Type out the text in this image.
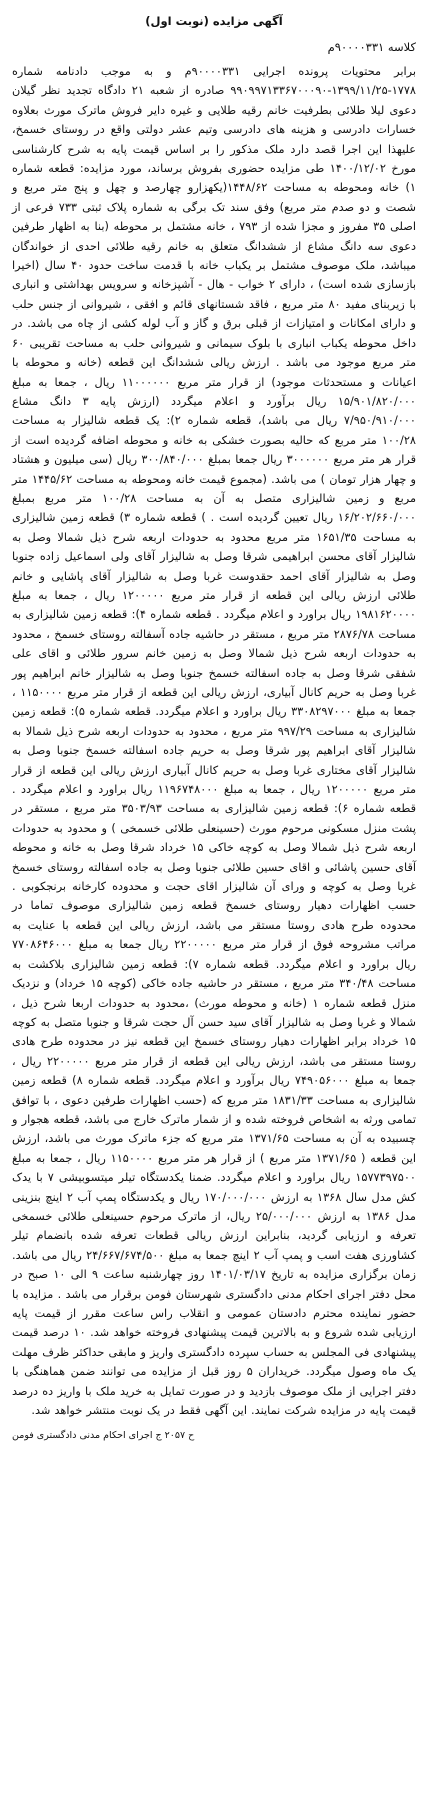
آگهی مزایده (نوبت اول)
کلاسه ۹۰۰۰۰۳۳۱م
برابر محتویات پرونده اجرایی ۹۰۰۰۰۳۳۱م و به موجب دادنامه شماره ۱۷۷۸-۱۳۹۹/۱۱/۲۵-۹۹۰۹۹۷۱۳۳۶۷۰۰۰۹۰ صادره از شعبه ۲۱ دادگاه تجدید نظر گیلان دعوی لیلا طلائی بطرفیت خانم رقیه طلایی و غیره دایر فروش ماترک مورث بعلاوه خسارات دادرسی و هزینه های دادرسی وتیم عشر دولتی واقع در روستای خسمخ، علیهذا این اجرا قصد دارد ملک مذکور را بر اساس قیمت پایه به شرح کارشناسی مورخ ۱۴۰۰/۱۲/۰۲ طی مزایده حضوری بفروش برساند، مورد مزایده: قطعه شماره ۱) خانه ومحوطه به مساحت ۱۴۴۸/۶۲(یکهزارو چهارصد و چهل و پنج متر مربع و شصت و دو صدم متر مربع) وفق سند تک برگی به شماره پلاک ثبتی ۷۳۳ فرعی از اصلی ۳۵ مفروز و مجزا شده از ۷۹۳ ، خانه مشتمل بر محوطه (بنا به اظهار طرفین دعوی سه دانگ مشاع از ششدانگ متعلق به خانم رقیه طلائی احدی از خواندگان میباشد، ملک موصوف مشتمل بر یکباب خانه با قدمت ساخت حدود ۴۰ سال (اخیرا بازسازی شده است) ، دارای ۲ خواب - هال - آشپزخانه و سرویس بهداشتی و انباری با زیربنای مفید ۸۰ متر مربع ، فاقد شستانهای قائم و افقی ، شیروانی از جنس حلب و دارای امکانات و امتیازات از قبلی برق و گاز و آب لوله کشی از چاه می باشد. در داخل محوطه یکباب انباری با بلوک سیمانی و شیروانی حلب به مساحت تقریبی ۶۰ متر مربع موجود می باشد . ارزش ریالی ششدانگ این قطعه (خانه و محوطه با اعیانات و مستحدثات موجود) از قرار متر مربع ۱۱۰۰۰۰۰۰ ریال ، جمعا به مبلغ ۱۵/۹۰۱/۸۲۰/۰۰۰ ریال برآورد و اعلام میگردد (ارزش پایه ۳ دانگ مشاع ۷/۹۵۰/۹۱۰/۰۰۰ ریال می باشد)، قطعه شماره ۲): یک قطعه شالیزار به مساحت ۱۰۰/۲۸ متر مربع که حالیه بصورت خشکی به خانه و محوطه اضافه گردیده است از قرار هر متر مربع ۳۰۰۰۰۰۰ ریال جمعا بمبلغ ۳۰۰/۸۴۰/۰۰۰ ریال (سی میلیون و هشتاد و چهار هزار تومان ) می باشد. (مجموع قیمت خانه ومحوطه به مساحت ۱۴۴۵/۶۲ متر مربع و زمین شالیزاری متصل به آن به مساحت ۱۰۰/۲۸ متر مربع بمبلغ ۱۶/۲۰۲/۶۶۰/۰۰۰ ریال تعیین گردیده است . ) قطعه شماره ۳) قطعه زمین شالیزاری به مساحت ۱۶۵۱/۳۵ متر مربع محدود به حدودات اربعه شرح ذیل شمالا وصل به شالیزار آقای محسن ابراهیمی شرقا وصل به شالیزار آقای ولی اسماعیل زاده جنوبا وصل به شالیزار آقای احمد حقدوست غربا وصل به شالیزار آقای پاشایی و خانم طلائی ارزش ریالی این قطعه از قرار متر مربع ۱۲۰۰۰۰۰ ریال ، جمعا به مبلغ ۱۹۸۱۶۲۰۰۰۰ ریال براورد و اعلام میگردد . قطعه شماره ۴): قطعه زمین شالیزاری به مساحت ۲۸۷۶/۷۸ متر مربع ، مستقر در حاشیه جاده آسفالته روستای خسمخ ، محدود به حدودات اربعه شرح ذیل شمالا وصل به زمین خانم سرور طلائی و اقای علی شفقی شرقا وصل به جاده اسفالته خسمخ جنوبا وصل به شالیزار خانم ابراهیم پور غربا وصل به حریم کانال آبیاری، ارزش ریالی این قطعه از قرار متر مربع ۱۱۵۰۰۰۰ ، جمعا به مبلغ ۳۳۰۸۲۹۷۰۰۰ ریال براورد و اعلام میگردد. قطعه شماره ۵): قطعه زمین شالیزاری به مساحت ۹۹۷/۲۹ متر مربع ، محدود به حدودات اربعه شرح ذیل شمالا به شالیزار آقای ابراهیم پور شرقا وصل به حریم جاده اسفالته خسمخ جنوبا وصل به شالیزار آقای مختاری غربا وصل به حریم کانال آبیاری ارزش ریالی این قطعه از قرار متر مربع ۱۲۰۰۰۰۰ ریال ، جمعا به مبلغ ۱۱۹۶۷۴۸۰۰۰ ریال براورد و اعلام میگردد . قطعه شماره ۶): قطعه زمین شالیزاری به مساحت ۳۵۰۳/۹۳ متر مربع ، مستقر در پشت منزل مسکونی مرحوم مورث (حسینعلی طلائی خسمخی ) و محدود به حدودات اربعه شرح ذیل شمالا وصل به کوچه خاکی ۱۵ خرداد شرقا وصل به خانه و محوطه آقای حسین پاشائی و اقای حسین طلائی جنوبا وصل به جاده اسفالته روستای خسمخ غربا وصل به کوچه و ورای آن شالیزار اقای حجت و محدوده کارخانه برنجکوبی . حسب اظهارات دهیار روستای خسمخ قطعه زمین شالیزاری موصوف تماما در محدوده طرح هادی روستا مستقر می باشد، ارزش ریالی این قطعه با عنایت به مراتب مشروحه فوق از قرار متر مربع ۲۲۰۰۰۰۰ ریال جمعا به مبلغ ۷۷۰۸۶۴۶۰۰۰ ریال براورد و اعلام میگردد. قطعه شماره ۷): قطعه زمین شالیزاری بلاکشت به مساحت ۳۴۰/۴۸ متر مربع ، مستقر در حاشیه جاده خاکی (کوچه ۱۵ خرداد) و نزدیک منزل قطعه شماره ۱ (خانه و محوطه مورث) ،محدود به حدودات اربعا شرح ذیل ، شمالا و غربا وصل به شالیزار آقای سید حسن آل حجت شرقا و جنوبا متصل به کوچه ۱۵ خرداد برابر اظهارات دهیار روستای خسمخ این قطعه نیز در محدوده طرح هادی روستا مستقر می باشد، ارزش ریالی این قطعه از قرار متر مربع ۲۲۰۰۰۰۰ ریال ، جمعا به مبلغ ۷۴۹۰۵۶۰۰۰ ریال برآورد و اعلام میگردد. قطعه شماره ۸) قطعه زمین شالیزاری به مساحت ۱۸۳۱/۳۳ متر مربع که (حسب اظهارات طرفین دعوی ، با توافق تمامی ورثه به اشخاص فروخته شده و از شمار ماترک خارج می باشد، قطعه هجوار و چسبیده به آن به مساحت ۱۳۷۱/۶۵ متر مربع که جزء ماترک مورث می باشد، ارزش این قطعه ( ۱۳۷۱/۶۵ متر مربع ) از قرار هر متر مربع ۱۱۵۰۰۰۰ ریال ، جمعا به مبلغ ۱۵۷۷۳۹۷۵۰۰ ریال براورد و اعلام میگردد. ضمنا یکدستگاه تیلر میتسوبیشی ۷ با یدک کش مدل سال ۱۳۶۸ به ارزش ۱۷۰/۰۰۰/۰۰۰ ریال و یکدستگاه پمپ آب ۲ اینچ بنزینی مدل ۱۳۸۶ به ارزش ۲۵/۰۰۰/۰۰۰ ریال، از ماترک مرحوم حسینعلی طلائی خسمخی تعرفه و ارزیابی گردید، بنابراین ارزش ریالی قطعات تعرفه شده بانضمام تیلر کشاورزی هفت اسب و پمپ آب ۲ اینچ جمعا به مبلغ ۲۴/۶۶۷/۶۷۴/۵۰۰ ریال می باشد. زمان برگزاری مزایده به تاریخ ۱۴۰۱/۰۳/۱۷ روز چهارشنبه ساعت ۹ الی ۱۰ صبح در محل دفتر اجرای احکام مدنی دادگستری شهرستان فومن برقرار می باشد . مزایده با حضور نماینده محترم دادستان عمومی و انقلاب راس ساعت مقرر از قیمت پایه ارزیابی شده شروع و به بالاترین قیمت پیشنهادی فروخته خواهد شد. ۱۰ درصد قیمت پیشنهادی فی المجلس به حساب سپرده دادگستری واریز و مابقی حداکثر ظرف مهلت یک ماه وصول میگردد. خریداران ۵ روز قبل از مزایده می توانند ضمن هماهنگی با دفتر اجرایی از ملک موصوف بازدید و در صورت تمایل به خرید ملک با واریز ده درصد قیمت پایه در مزایده شرکت نمایند. این آگهی فقط در یک نوبت منتشر خواهد شد.
ح ۲۰۵۷ ج اجرای احکام مدنی دادگستری فومن
